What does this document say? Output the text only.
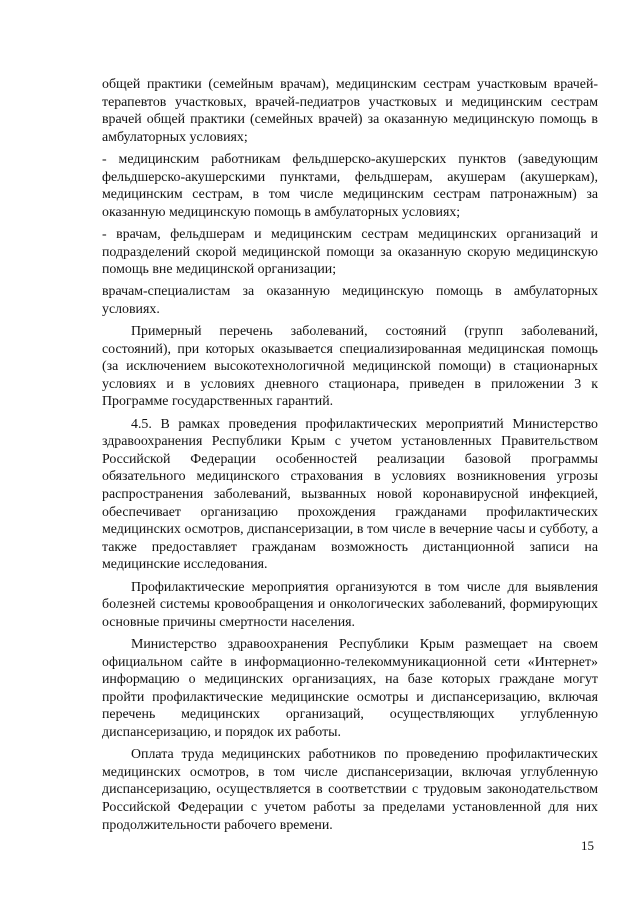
общей практики (семейным врачам), медицинским сестрам участковым врачей-терапевтов участковых, врачей-педиатров участковых и медицинским сестрам врачей общей практики (семейных врачей) за оказанную медицинскую помощь в амбулаторных условиях;

- медицинским работникам фельдшерско-акушерских пунктов (заведующим фельдшерско-акушерскими пунктами, фельдшерам, акушерам (акушеркам), медицинским сестрам, в том числе медицинским сестрам патронажным) за оказанную медицинскую помощь в амбулаторных условиях;

- врачам, фельдшерам и медицинским сестрам медицинских организаций и подразделений скорой медицинской помощи за оказанную скорую медицинскую помощь вне медицинской организации;

врачам-специалистам за оказанную медицинскую помощь в амбулаторных условиях.

Примерный перечень заболеваний, состояний (групп заболеваний, состояний), при которых оказывается специализированная медицинская помощь (за исключением высокотехнологичной медицинской помощи) в стационарных условиях и в условиях дневного стационара, приведен в приложении 3 к Программе государственных гарантий.

4.5. В рамках проведения профилактических мероприятий Министерство здравоохранения Республики Крым с учетом установленных Правительством Российской Федерации особенностей реализации базовой программы обязательного медицинского страхования в условиях возникновения угрозы распространения заболеваний, вызванных новой коронавирусной инфекцией, обеспечивает организацию прохождения гражданами профилактических медицинских осмотров, диспансеризации, в том числе в вечерние часы и субботу, а также предоставляет гражданам возможность дистанционной записи на медицинские исследования.

Профилактические мероприятия организуются в том числе для выявления болезней системы кровообращения и онкологических заболеваний, формирующих основные причины смертности населения.

Министерство здравоохранения Республики Крым размещает на своем официальном сайте в информационно-телекоммуникационной сети «Интернет» информацию о медицинских организациях, на базе которых граждане могут пройти профилактические медицинские осмотры и диспансеризацию, включая перечень медицинских организаций, осуществляющих углубленную диспансеризацию, и порядок их работы.

Оплата труда медицинских работников по проведению профилактических медицинских осмотров, в том числе диспансеризации, включая углубленную диспансеризацию, осуществляется в соответствии с трудовым законодательством Российской Федерации с учетом работы за пределами установленной для них продолжительности рабочего времени.

15
